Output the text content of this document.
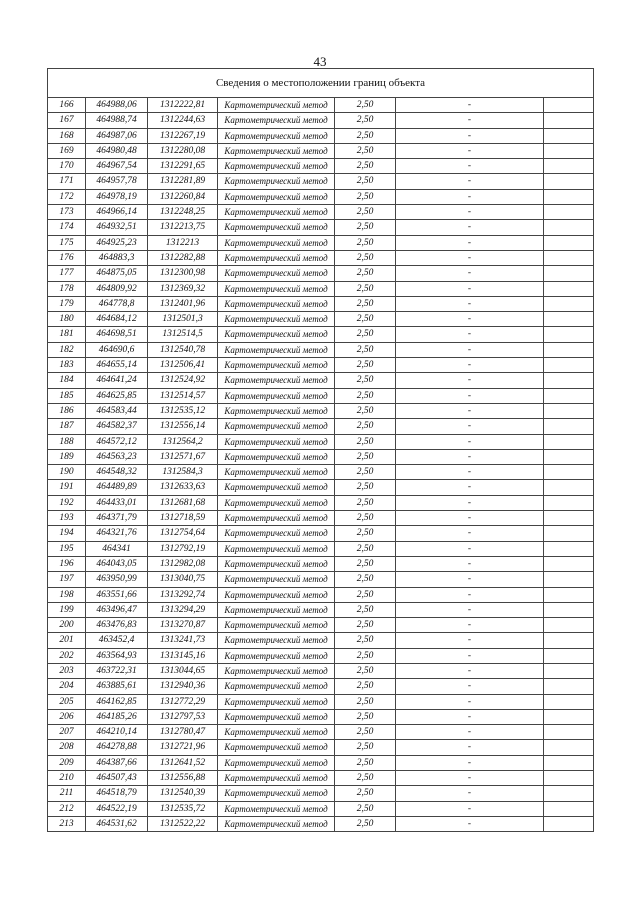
43
Сведения о местоположении границ объекта						
166	464988,06	1312222,81	Картометрический метод	2,50	-	
167	464988,74	1312244,63	Картометрический метод	2,50	-	
168	464987,06	1312267,19	Картометрический метод	2,50	-	
169	464980,48	1312280,08	Картометрический метод	2,50	-	
170	464967,54	1312291,65	Картометрический метод	2,50	-	
171	464957,78	1312281,89	Картометрический метод	2,50	-	
172	464978,19	1312260,84	Картометрический метод	2,50	-	
173	464966,14	1312248,25	Картометрический метод	2,50	-	
174	464932,51	1312213,75	Картометрический метод	2,50	-	
175	464925,23	1312213	Картометрический метод	2,50	-	
176	464883,3	1312282,88	Картометрический метод	2,50	-	
177	464875,05	1312300,98	Картометрический метод	2,50	-	
178	464809,92	1312369,32	Картометрический метод	2,50	-	
179	464778,8	1312401,96	Картометрический метод	2,50	-	
180	464684,12	1312501,3	Картометрический метод	2,50	-	
181	464698,51	1312514,5	Картометрический метод	2,50	-	
182	464690,6	1312540,78	Картометрический метод	2,50	-	
183	464655,14	1312506,41	Картометрический метод	2,50	-	
184	464641,24	1312524,92	Картометрический метод	2,50	-	
185	464625,85	1312514,57	Картометрический метод	2,50	-	
186	464583,44	1312535,12	Картометрический метод	2,50	-	
187	464582,37	1312556,14	Картометрический метод	2,50	-	
188	464572,12	1312564,2	Картометрический метод	2,50	-	
189	464563,23	1312571,67	Картометрический метод	2,50	-	
190	464548,32	1312584,3	Картометрический метод	2,50	-	
191	464489,89	1312633,63	Картометрический метод	2,50	-	
192	464433,01	1312681,68	Картометрический метод	2,50	-	
193	464371,79	1312718,59	Картометрический метод	2,50	-	
194	464321,76	1312754,64	Картометрический метод	2,50	-	
195	464341	1312792,19	Картометрический метод	2,50	-	
196	464043,05	1312982,08	Картометрический метод	2,50	-	
197	463950,99	1313040,75	Картометрический метод	2,50	-	
198	463551,66	1313292,74	Картометрический метод	2,50	-	
199	463496,47	1313294,29	Картометрический метод	2,50	-	
200	463476,83	1313270,87	Картометрический метод	2,50	-	
201	463452,4	1313241,73	Картометрический метод	2,50	-	
202	463564,93	1313145,16	Картометрический метод	2,50	-	
203	463722,31	1313044,65	Картометрический метод	2,50	-	
204	463885,61	1312940,36	Картометрический метод	2,50	-	
205	464162,85	1312772,29	Картометрический метод	2,50	-	
206	464185,26	1312797,53	Картометрический метод	2,50	-	
207	464210,14	1312780,47	Картометрический метод	2,50	-	
208	464278,88	1312721,96	Картометрический метод	2,50	-	
209	464387,66	1312641,52	Картометрический метод	2,50	-	
210	464507,43	1312556,88	Картометрический метод	2,50	-	
211	464518,79	1312540,39	Картометрический метод	2,50	-	
212	464522,19	1312535,72	Картометрический метод	2,50	-	
213	464531,62	1312522,22	Картометрический метод	2,50	-	
